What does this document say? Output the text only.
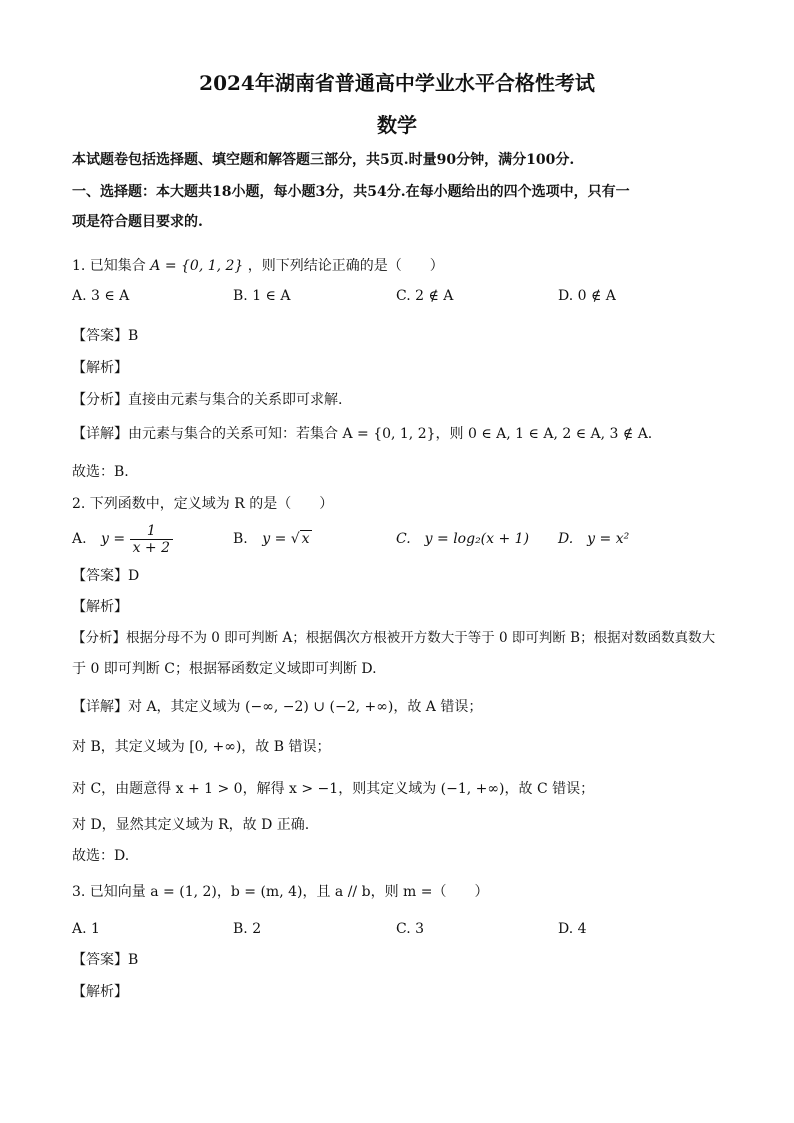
2024年湖南省普通高中学业水平合格性考试
数学
本试题卷包括选择题、填空题和解答题三部分，共5页.时量90分钟，满分100分.
一、选择题：本大题共18小题，每小题3分，共54分.在每小题给出的四个选项中，只有一
项是符合题目要求的.
1. 已知集合 A = {0, 1, 2} ，则下列结论正确的是（　　）
A. 3 ∈ A	B. 1 ∈ A	C. 2 ∉ A	D. 0 ∉ A
【答案】B
【解析】
【分析】直接由元素与集合的关系即可求解.
【详解】由元素与集合的关系可知：若集合 A = {0, 1, 2}，则 0 ∈ A, 1 ∈ A, 2 ∈ A, 3 ∉ A.
故选：B.
2. 下列函数中，定义域为 R 的是（　　）
A. $y = \frac{1}{x + 2}$	B. y = √ x	C.　y = log₂(x + 1) D.　y = x²
【答案】D
【解析】
【分析】根据分母不为 0 即可判断 A；根据偶次方根被开方数大于等于 0 即可判断 B；根据对数函数真数大
于 0 即可判断 C；根据幂函数定义域即可判断 D.
【详解】对 A，其定义域为 (−∞, −2) ∪ (−2, +∞)，故 A 错误；
对 B，其定义域为 [0, +∞)，故 B 错误；
对 C，由题意得 x + 1 > 0，解得 x > −1，则其定义域为 (−1, +∞)，故 C 错误；
对 D，显然其定义域为 R，故 D 正确.
故选：D.
3. 已知向量 a = (1, 2)，b = (m, 4)，且 a // b，则 m =（　　）
A. 1	B. 2	C. 3	D. 4
【答案】B
【解析】
